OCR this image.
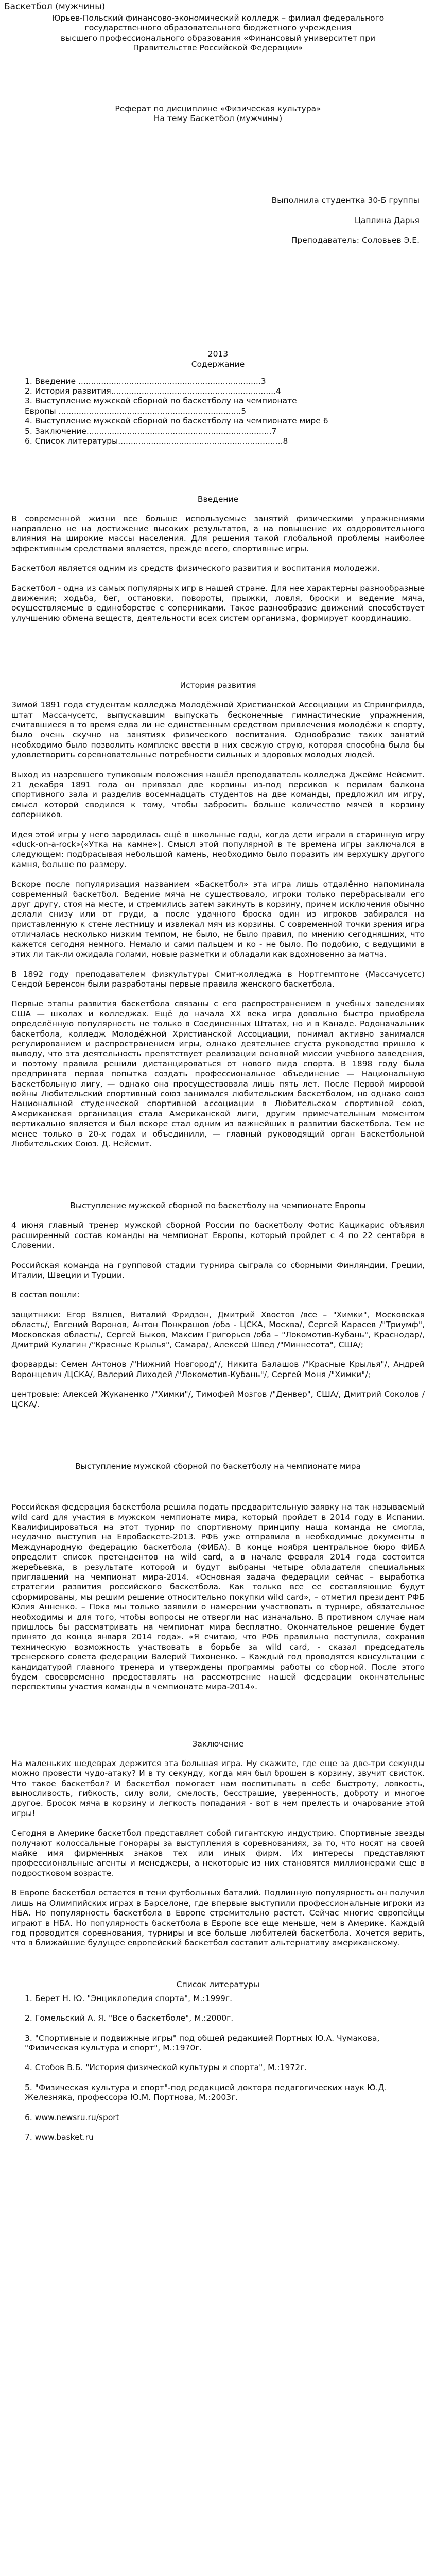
Баскетбол (мужчины)
Юрьев-Польский финансово-экономический колледж – филиал федерального
государственного образовательного бюджетного учреждения
высшего профессионального образования «Финансовый университет при
Правительстве Российской Федерации»
Реферат по дисциплине «Физическая культура»
На тему Баскетбол (мужчины)
Выполнила студентка 30-Б группы
Цаплина Дарья
Преподаватель: Соловьев Э.Е.
2013
Содержание
1. Введение ........................................................................3
2. История развития.................................................................4
3. Выступление мужской сборной по баскетболу на чемпионате
Европы ........................................................................5
4. Выступление мужской сборной по баскетболу на чемпионате мире 6
5. Заключение.........................................................................7
6. Список литературы.................................................................8
Введение
В современной жизни все больше используемые занятий физическими упражнениями направлено не на достижение высоких результатов, а на повышение их оздоровительного влияния на широкие массы населения. Для решения такой глобальной проблемы наиболее эффективным средствами является, прежде всего, спортивные игры.
Баскетбол является одним из средств физического развития и воспитания молодежи.
Баскетбол - одна из самых популярных игр в нашей стране. Для нее характерны разнообразные движения; ходьба, бег, остановки, повороты, прыжки, ловля, броски и ведение мяча, осуществляемые в единоборстве с соперниками. Такое разнообразие движений способствует улучшению обмена веществ, деятельности всех систем организма, формирует координацию.
История развития
Зимой 1891 года студентам колледжа Молодёжной Христианской Ассоциации из Спрингфилда, штат Массачусетс, выпускавшим выпускать бесконечные гимнастические упражнения, считавшиеся в то время едва ли не единственным средством привлечения молодёжи к спорту, было очень скучно на занятиях физического воспитания. Однообразие таких занятий необходимо было позволить комплекс ввести в них свежую струю, которая способна была бы удовлетворить соревновательные потребности сильных и здоровых молодых людей.
Выход из назревшего тупиковым положения нашёл преподаватель колледжа Джеймс Нейсмит. 21 декабря 1891 года он привязал две корзины из-под персиков к перилам балкона спортивного зала и разделив восемнадцать студентов на две команды, предложил им игру, смысл которой сводился к тому, чтобы забросить больше количество мячей в корзину соперников.
Идея этой игры у него зародилась ещё в школьные годы, когда дети играли в старинную игру «duck-on-a-rock»(«Утка на камне»). Смысл этой популярной в те времена игры заключался в следующем: подбрасывая небольшой камень, необходимо было поразить им верхушку другого камня, больше по размеру.
Вскоре после популяризация названием «Баскетбол» эта игра лишь отдалённо напоминала современный баскетбол. Ведение мяча не существовало, игроки только перебрасывали его друг другу, стоя на месте, и стремились затем закинуть в корзину, причем исключения обычно делали снизу или от груди, а после удачного броска один из игроков забирался на приставленную к стене лестницу и извлекал мяч из корзины. С современной точки зрения игра отличалась несколько низким темпом, не было, не было правил, по мнению сегодняшних, что кажется сегодня немного. Немало и сами пальцем и ко - не было. По подобию, с ведущими в этих ли так-ли ожидала голами, новые разметки и обладали как вдохновенно за матча.
В 1892 году преподавателем физкультуры Смит-колледжа в Нортгемптоне (Массачусетс) Сендой Беренсон были разработаны первые правила женского баскетбола.
Первые этапы развития баскетбола связаны с его распространением в учебных заведениях США — школах и колледжах. Ещё до начала XX века игра довольно быстро приобрела определённую популярность не только в Соединенных Штатах, но и в Канаде. Родоначальник баскетбола, колледж Молодёжной Христианской Ассоциации, понимал активно занимался регулированием и распространением игры, однако деятельнее сгуста руководство пришло к выводу, что эта деятельность препятствует реализации основной миссии учебного заведения, и поэтому правила решили дистанцироваться от нового вида спорта. В 1898 году была предпринята первая попытка создать профессиональное объединение — Национальную Баскетбольную лигу, — однако она просуществовала лишь пять лет. После Первой мировой войны Любительский спортивный союз занимался любительским баскетболом, но однако союз Национальной студенческой спортивной ассоциации в Любительском спортивной союз, Американская организация стала Американской лиги, другим примечательным моментом вертикально является и был вскоре стал одним из важнейших в развитии баскетбола. Тем не менее только в 20-х годах и объединили, — главный руководящий орган Баскетбольной Любительских Союз. Д. Нейсмит.
Выступление мужской сборной по баскетболу на чемпионате Европы
4 июня главный тренер мужской сборной России по баскетболу Фотис Кацикарис объявил расширенный состав команды на чемпионат Европы, который пройдет с 4 по 22 сентября в Словении.
Российская команда на групповой стадии турнира сыграла со сборными Финляндии, Греции, Италии, Швеции и Турции.
В состав вошли:
защитники: Егор Вялцев, Виталий Фридзон, Дмитрий Хвостов /все – "Химки", Московская область/, Евгений Воронов, Антон Понкрашов /оба - ЦСКА, Москва/, Сергей Карасев /"Триумф", Московская область/, Сергей Быков, Максим Григорьев /оба – "Локомотив-Кубань", Краснодар/, Дмитрий Кулагин /"Красные Крылья", Самара/, Алексей Швед /"Миннесота", США/;
форварды: Семен Антонов /"Нижний Новгород"/, Никита Балашов /"Красные Крылья"/, Андрей Воронцевич /ЦСКА/, Валерий Лиходей /"Локомотив-Кубань"/, Сергей Моня /"Химки"/;
центровые: Алексей Жуканенко /"Химки"/, Тимофей Мозгов /"Денвер", США/, Дмитрий Соколов /ЦСКА/.
Выступление мужской сборной по баскетболу на чемпионате мира
Российская федерация баскетбола решила подать предварительную заявку на так называемый wild card для участия в мужском чемпионате мира, который пройдет в 2014 году в Испании. Квалифицироваться на этот турнир по спортивному принципу наша команда не смогла, неудачно выступив на Евробаскете-2013. РФБ уже отправила в необходимые документы в Международную федерацию баскетбола (ФИБА). В конце ноября центральное бюро ФИБА определит список претендентов на wild card, а в начале февраля 2014 года состоится жеребьевка, в результате которой и будут выбраны четыре обладателя специальных приглашений на чемпионат мира-2014. «Основная задача федерации сейчас – выработка стратегии развития российского баскетбола. Как только все ее составляющие будут сформированы, мы решим решение относительно покупки wild card», – отметил президент РФБ Юлия Анненко. – Пока мы только заявили о намерении участвовать в турнире, обязательное необходимы и для того, чтобы вопросы не отвергли нас изначально. В противном случае нам пришлось бы рассматривать на чемпионат мира бесплатно. Окончательное решение будет принято до конца января 2014 года». «Я считаю, что РФБ правильно поступила, сохранив техническую возможность участвовать в борьбе за wild card, - сказал председатель тренерского совета федерации Валерий Тихоненко. – Каждый год проводятся консультации с кандидатурой главного тренера и утверждены программы работы со сборной. После этого будем своевременно предоставлять на рассмотрение нашей федерации окончательные перспективы участия команды в чемпионате мира-2014».
Заключение
На маленьких шедеврах держится эта большая игра. Ну скажите, где еще за две-три секунды можно провести чудо-атаку? И в ту секунду, когда мяч был брошен в корзину, звучит свисток. Что такое баскетбол? И баскетбол помогает нам воспитывать в себе быстроту, ловкость, выносливость, гибкость, силу воли, смелость, бесстрашие, уверенность, доброту и многое другое. Бросок мяча в корзину и легкость попадания - вот в чем прелесть и очарование этой игры!
Сегодня в Америке баскетбол представляет собой гигантскую индустрию. Спортивные звезды получают колоссальные гонорары за выступления в соревнованиях, за то, что носят на своей майке имя фирменных знаков тех или иных фирм. Их интересы представляют профессиональные агенты и менеджеры, а некоторые из них становятся миллионерами еще в подростковом возрасте.
В Европе баскетбол остается в тени футбольных баталий. Подлинную популярность он получил лишь на Олимпийских играх в Барселоне, где впервые выступили профессиональные игроки из НБА. Но популярность баскетбола в Европе стремительно растет. Сейчас многие европейцы играют в НБА. Но популярность баскетбола в Европе все еще меньше, чем в Америке. Каждый год проводится соревнования, турниры и все больше любителей баскетбола. Хочется верить, что в ближайшие будущее европейский баскетбол составит альтернативу американскому.
Список литературы
1. Берет Н. Ю. "Энциклопедия спорта", М.:1999г.
2. Гомельский А. Я. "Все о баскетболе", М.:2000г.
3. "Спортивные и подвижные игры" под общей редакцией Портных Ю.А. Чумакова, "Физическая культура и спорт", М.:1970г.
4. Стобов В.Б. "История физической культуры и спорта", М.:1972г.
5. "Физическая культура и спорт"-под редакцией доктора педагогических наук Ю.Д. Железняка, профессора Ю.М. Портнова, М.:2003г.
6. www.newsru.ru/sport
7. www.basket.ru
